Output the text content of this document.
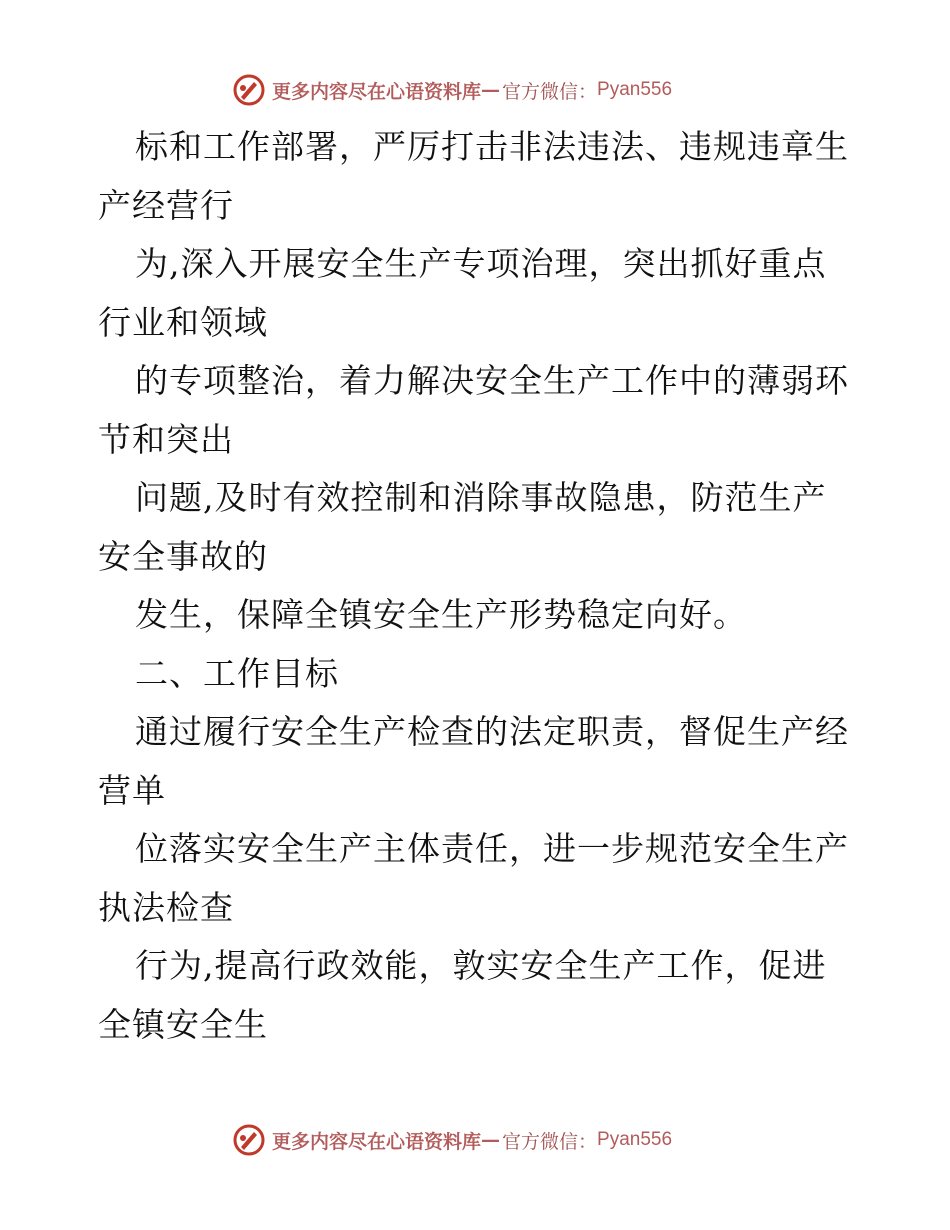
更多内容尽在心语资料库 — 官方微信： Pyan556
标和工作部署，严厉打击非法违法、违规违章生
产经营行
为,深入开展安全生产专项治理，突出抓好重点
行业和领域
的专项整治，着力解决安全生产工作中的薄弱环
节和突出
问题,及时有效控制和消除事故隐患，防范生产
安全事故的
发生，保障全镇安全生产形势稳定向好。
二、工作目标
通过履行安全生产检查的法定职责，督促生产经
营单
位落实安全生产主体责任，进一步规范安全生产
执法检查
行为,提高行政效能，敦实安全生产工作，促进
全镇安全生
更多内容尽在心语资料库 — 官方微信： Pyan556
